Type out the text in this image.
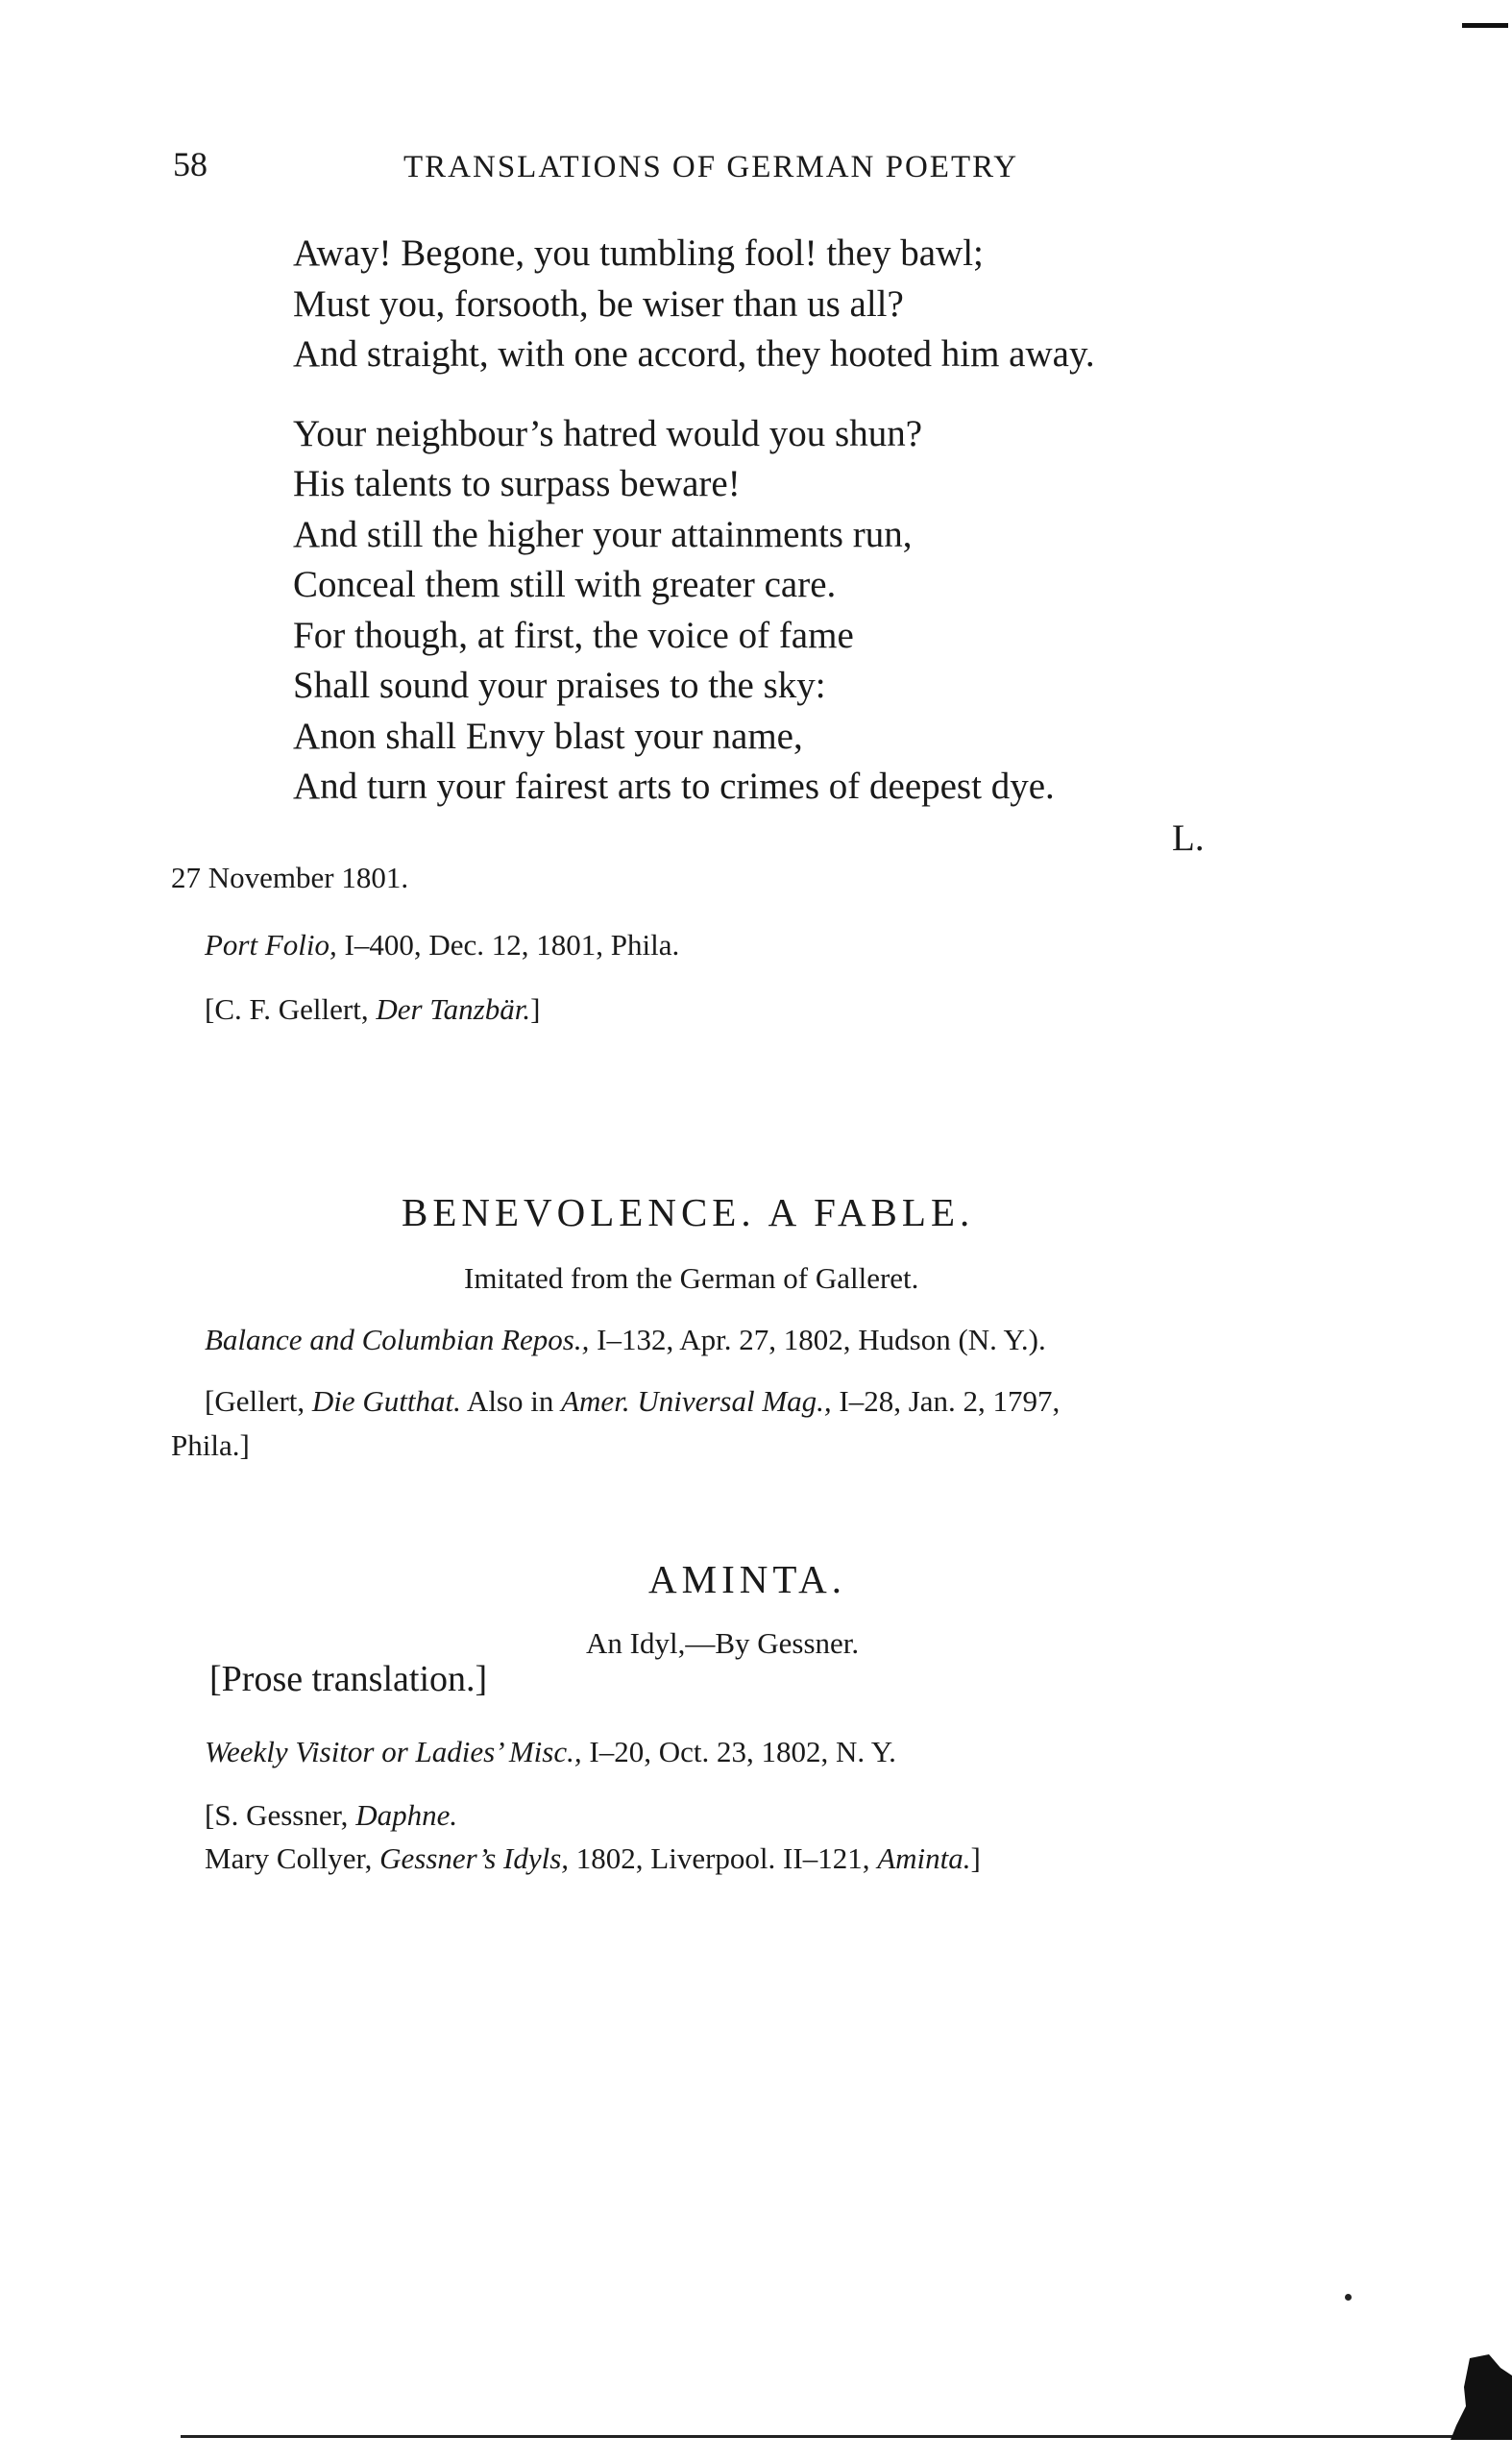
58	TRANSLATIONS OF GERMAN POETRY
Away! Begone, you tumbling fool! they bawl;
Must you, forsooth, be wiser than us all?
And straight, with one accord, they hooted him away.
Your neighbour’s hatred would you shun?
His talents to surpass beware!
And still the higher your attainments run,
Conceal them still with greater care.
For though, at first, the voice of fame
Shall sound your praises to the sky:
Anon shall Envy blast your name,
And turn your fairest arts to crimes of deepest dye.
L.
27 November 1801.
Port Folio, I–400, Dec. 12, 1801, Phila.
[C. F. Gellert, Der Tanzbär.]
BENEVOLENCE. A FABLE.
Imitated from the German of Galleret.
Balance and Columbian Repos., I–132, Apr. 27, 1802, Hudson (N. Y.).
[Gellert, Die Gutthat. Also in Amer. Universal Mag., I–28, Jan. 2, 1797,
Phila.]
AMINTA.
An Idyl,—By Gessner.
[Prose translation.]
Weekly Visitor or Ladies’ Misc., I–20, Oct. 23, 1802, N. Y.
[S. Gessner, Daphne.
Mary Collyer, Gessner’s Idyls, 1802, Liverpool. II–121, Aminta.]
